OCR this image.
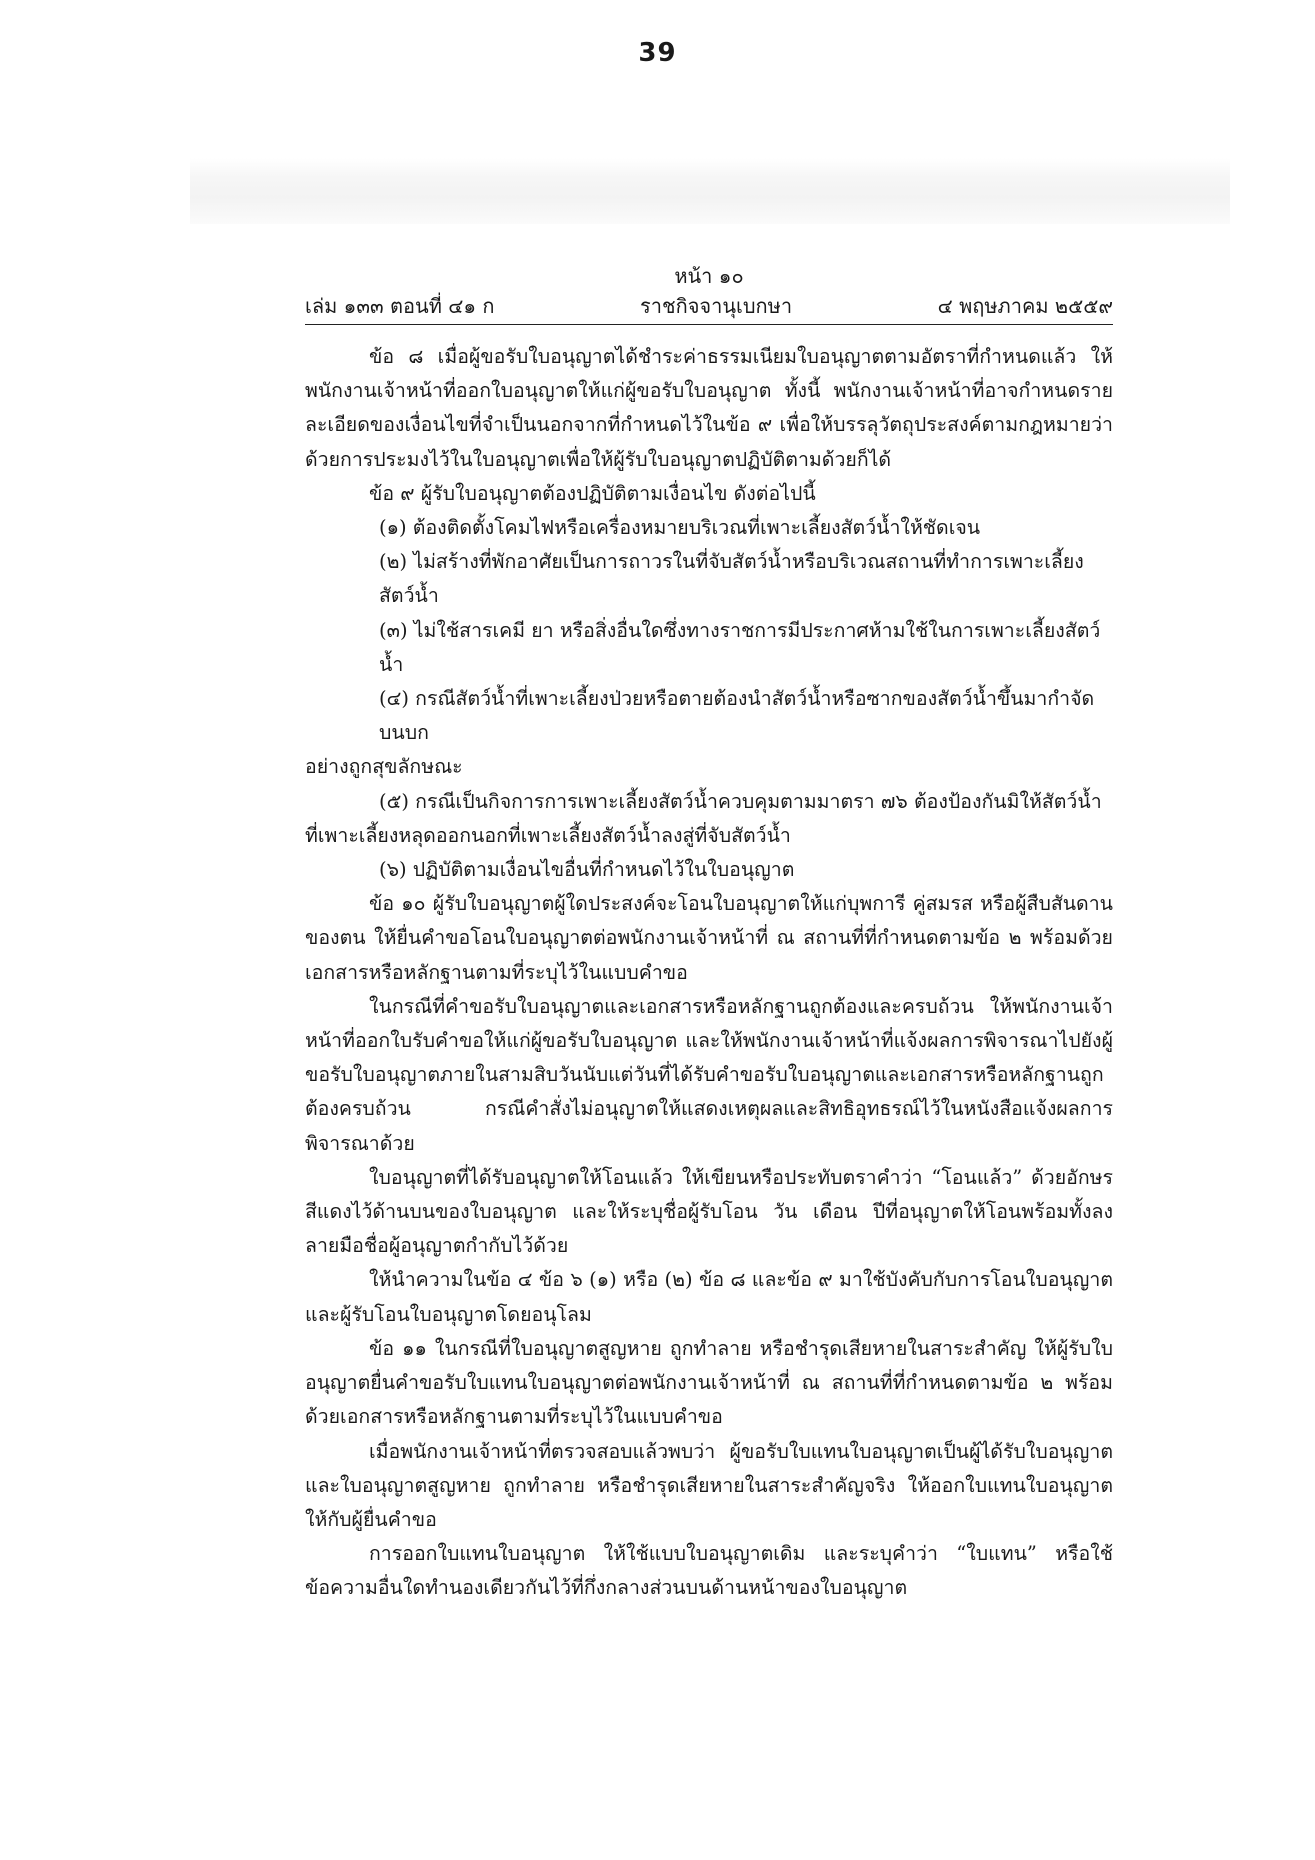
39
หน้า ๑๐
เล่ม ๑๓๓ ตอนที่ ๔๑ ก	ราชกิจจานุเบกษา	๔ พฤษภาคม ๒๕๕๙

ข้อ ๘ เมื่อผู้ขอรับใบอนุญาตได้ชำระค่าธรรมเนียมใบอนุญาตตามอัตราที่กำหนดแล้ว ให้พนักงานเจ้าหน้าที่ออกใบอนุญาตให้แก่ผู้ขอรับใบอนุญาต ทั้งนี้ พนักงานเจ้าหน้าที่อาจกำหนดรายละเอียดของเงื่อนไขที่จำเป็นนอกจากที่กำหนดไว้ในข้อ ๙ เพื่อให้บรรลุวัตถุประสงค์ตามกฎหมายว่าด้วยการประมงไว้ในใบอนุญาตเพื่อให้ผู้รับใบอนุญาตปฏิบัติตามด้วยก็ได้

ข้อ ๙ ผู้รับใบอนุญาตต้องปฏิบัติตามเงื่อนไข ดังต่อไปนี้

(๑) ต้องติดตั้งโคมไฟหรือเครื่องหมายบริเวณที่เพาะเลี้ยงสัตว์น้ำให้ชัดเจน

(๒) ไม่สร้างที่พักอาศัยเป็นการถาวรในที่จับสัตว์น้ำหรือบริเวณสถานที่ทำการเพาะเลี้ยงสัตว์น้ำ

(๓) ไม่ใช้สารเคมี ยา หรือสิ่งอื่นใดซึ่งทางราชการมีประกาศห้ามใช้ในการเพาะเลี้ยงสัตว์น้ำ

(๔) กรณีสัตว์น้ำที่เพาะเลี้ยงป่วยหรือตายต้องนำสัตว์น้ำหรือซากของสัตว์น้ำขึ้นมากำจัดบนบก

อย่างถูกสุขลักษณะ

(๕) กรณีเป็นกิจการการเพาะเลี้ยงสัตว์น้ำควบคุมตามมาตรา ๗๖ ต้องป้องกันมิให้สัตว์น้ำ

ที่เพาะเลี้ยงหลุดออกนอกที่เพาะเลี้ยงสัตว์น้ำลงสู่ที่จับสัตว์น้ำ

(๖) ปฏิบัติตามเงื่อนไขอื่นที่กำหนดไว้ในใบอนุญาต

ข้อ ๑๐ ผู้รับใบอนุญาตผู้ใดประสงค์จะโอนใบอนุญาตให้แก่บุพการี คู่สมรส หรือผู้สืบสันดานของตน ให้ยื่นคำขอโอนใบอนุญาตต่อพนักงานเจ้าหน้าที่ ณ สถานที่ที่กำหนดตามข้อ ๒ พร้อมด้วยเอกสารหรือหลักฐานตามที่ระบุไว้ในแบบคำขอ

ในกรณีที่คำขอรับใบอนุญาตและเอกสารหรือหลักฐานถูกต้องและครบถ้วน ให้พนักงานเจ้าหน้าที่ออกใบรับคำขอให้แก่ผู้ขอรับใบอนุญาต และให้พนักงานเจ้าหน้าที่แจ้งผลการพิจารณาไปยังผู้ขอรับใบอนุญาตภายในสามสิบวันนับแต่วันที่ได้รับคำขอรับใบอนุญาตและเอกสารหรือหลักฐานถูกต้องครบถ้วน กรณีคำสั่งไม่อนุญาตให้แสดงเหตุผลและสิทธิอุทธรณ์ไว้ในหนังสือแจ้งผลการพิจารณาด้วย

ใบอนุญาตที่ได้รับอนุญาตให้โอนแล้ว ให้เขียนหรือประทับตราคำว่า “โอนแล้ว” ด้วยอักษรสีแดงไว้ด้านบนของใบอนุญาต และให้ระบุชื่อผู้รับโอน วัน เดือน ปีที่อนุญาตให้โอนพร้อมทั้งลงลายมือชื่อผู้อนุญาตกำกับไว้ด้วย

ให้นำความในข้อ ๔ ข้อ ๖ (๑) หรือ (๒) ข้อ ๘ และข้อ ๙ มาใช้บังคับกับการโอนใบอนุญาตและผู้รับโอนใบอนุญาตโดยอนุโลม

ข้อ ๑๑ ในกรณีที่ใบอนุญาตสูญหาย ถูกทำลาย หรือชำรุดเสียหายในสาระสำคัญ ให้ผู้รับใบอนุญาตยื่นคำขอรับใบแทนใบอนุญาตต่อพนักงานเจ้าหน้าที่ ณ สถานที่ที่กำหนดตามข้อ ๒ พร้อมด้วยเอกสารหรือหลักฐานตามที่ระบุไว้ในแบบคำขอ

เมื่อพนักงานเจ้าหน้าที่ตรวจสอบแล้วพบว่า ผู้ขอรับใบแทนใบอนุญาตเป็นผู้ได้รับใบอนุญาตและใบอนุญาตสูญหาย ถูกทำลาย หรือชำรุดเสียหายในสาระสำคัญจริง ให้ออกใบแทนใบอนุญาตให้กับผู้ยื่นคำขอ

การออกใบแทนใบอนุญาต ให้ใช้แบบใบอนุญาตเดิม และระบุคำว่า “ใบแทน” หรือใช้ข้อความอื่นใดทำนองเดียวกันไว้ที่กึ่งกลางส่วนบนด้านหน้าของใบอนุญาต
